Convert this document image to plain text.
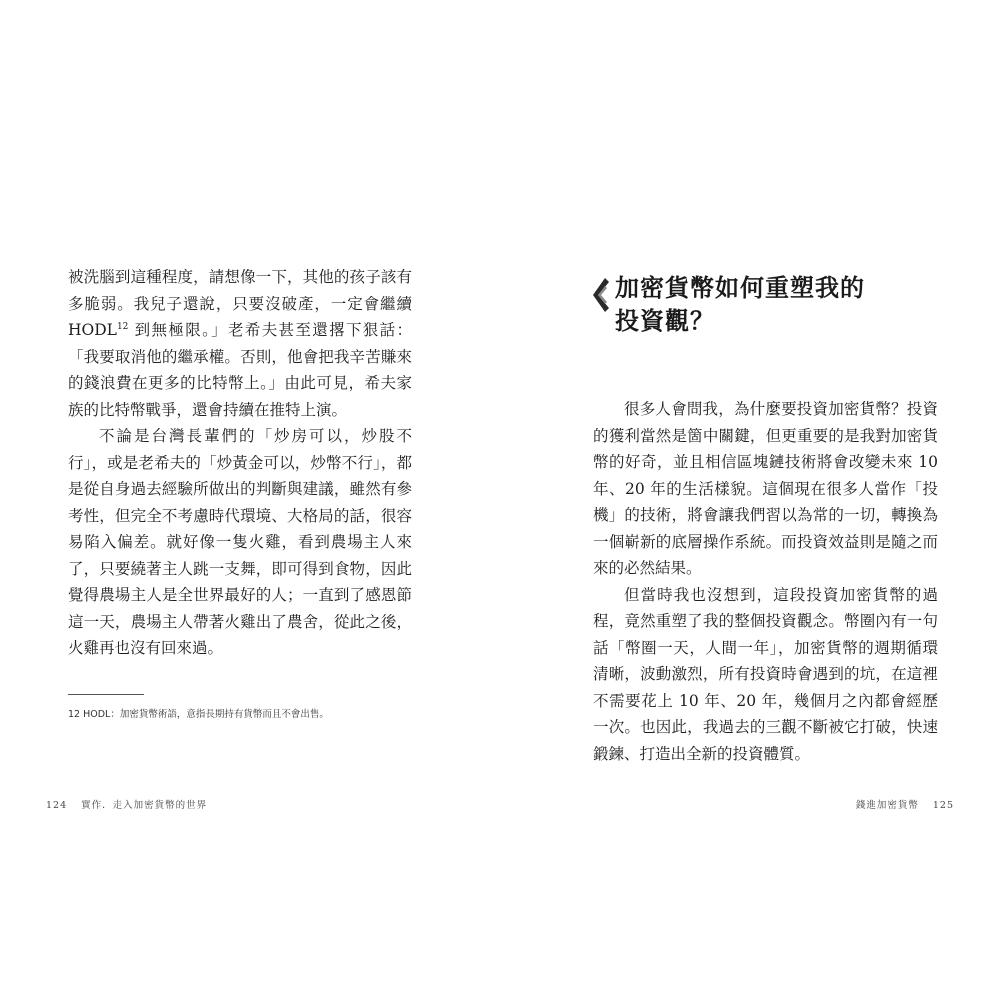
被洗腦到這種程度，請想像一下，其他的孩子該有多脆弱。我兒子還說，只要沒破產，一定會繼續 HODL$^{12}$ 到無極限。」老希夫甚至還撂下狠話：「我要取消他的繼承權。否則，他會把我辛苦賺來的錢浪費在更多的比特幣上。」由此可見，希夫家族的比特幣戰爭，還會持續在推特上演。

不論是台灣長輩們的「炒房可以，炒股不行」，或是老希夫的「炒黃金可以，炒幣不行」，都是從自身過去經驗所做出的判斷與建議，雖然有參考性，但完全不考慮時代環境、大格局的話，很容易陷入偏差。就好像一隻火雞，看到農場主人來了，只要繞著主人跳一支舞，即可得到食物，因此覺得農場主人是全世界最好的人；一直到了感恩節這一天，農場主人帶著火雞出了農舍，從此之後，火雞再也沒有回來過。

12 HODL：加密貨幣術語，意指長期持有貨幣而且不會出售。
124 實作．走入加密貨幣的世界
加密貨幣如何重塑我的
投資觀？

很多人會問我，為什麼要投資加密貨幣？投資的獲利當然是箇中關鍵，但更重要的是我對加密貨幣的好奇，並且相信區塊鏈技術將會改變未來 10 年、20 年的生活樣貌。這個現在很多人當作「投機」的技術，將會讓我們習以為常的一切，轉換為一個嶄新的底層操作系統。而投資效益則是隨之而來的必然結果。

但當時我也沒想到，這段投資加密貨幣的過程，竟然重塑了我的整個投資觀念。幣圈內有一句話「幣圈一天，人間一年」，加密貨幣的週期循環清晰，波動激烈，所有投資時會遇到的坑，在這裡不需要花上 10 年、20 年，幾個月之內都會經歷一次。也因此，我過去的三觀不斷被它打破，快速鍛鍊、打造出全新的投資體質。

錢進加密貨幣 125
